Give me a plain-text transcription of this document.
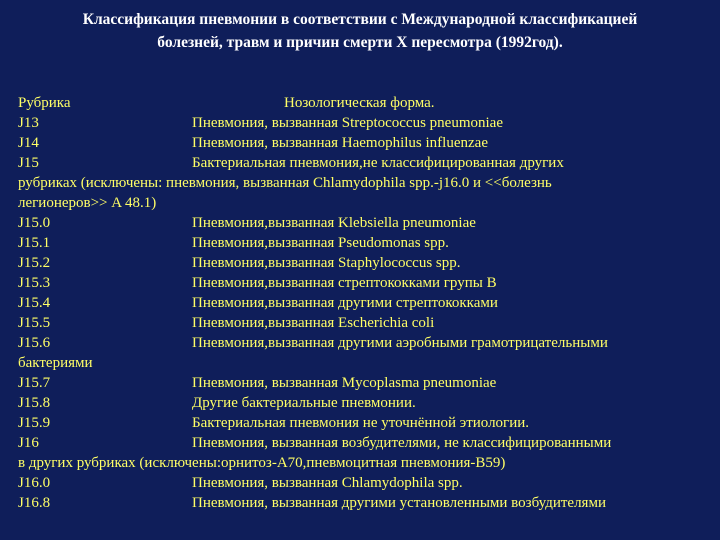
Классификация пневмонии в соответствии с Международной классификацией
болезней, травм и причин смерти X пересмотра (1992год).
Рубрика	Нозологическая форма.
J13	Пневмония, вызванная Streptococcus pneumoniae
J14	Пневмония, вызванная Haemophilus influenzae
J15	Бактериальная пневмония,не классифицированная других
рубриках (исключены: пневмония, вызванная Chlamydophila spp.-j16.0 и <<болезнь
легионеров>> A 48.1)
J15.0	Пневмония,вызванная Klebsiella pneumoniae
J15.1	Пневмония,вызванная Pseudomonas spp.
J15.2	Пневмония,вызванная Staphylococcus spp.
J15.3	Пневмония,вызванная стрептококками групы B
J15.4	Пневмония,вызванная другими стрептококками
J15.5	Пневмония,вызванная Escherichia coli
J15.6	Пневмония,вызванная другими аэробными грамотрицательными
бактериями
J15.7	Пневмония, вызванная Mycoplasma pneumoniae
J15.8	Другие бактериальные пневмонии.
J15.9	Бактериальная пневмония не уточнённой этиологии.
J16	Пневмония, вызванная возбудителями, не классифицированными
в других рубриках (исключены:орнитоз-A70,пневмоцитная пневмония-B59)
J16.0	Пневмония, вызванная Chlamydophila spp.
J16.8	Пневмония, вызванная другими установленными возбудителями
